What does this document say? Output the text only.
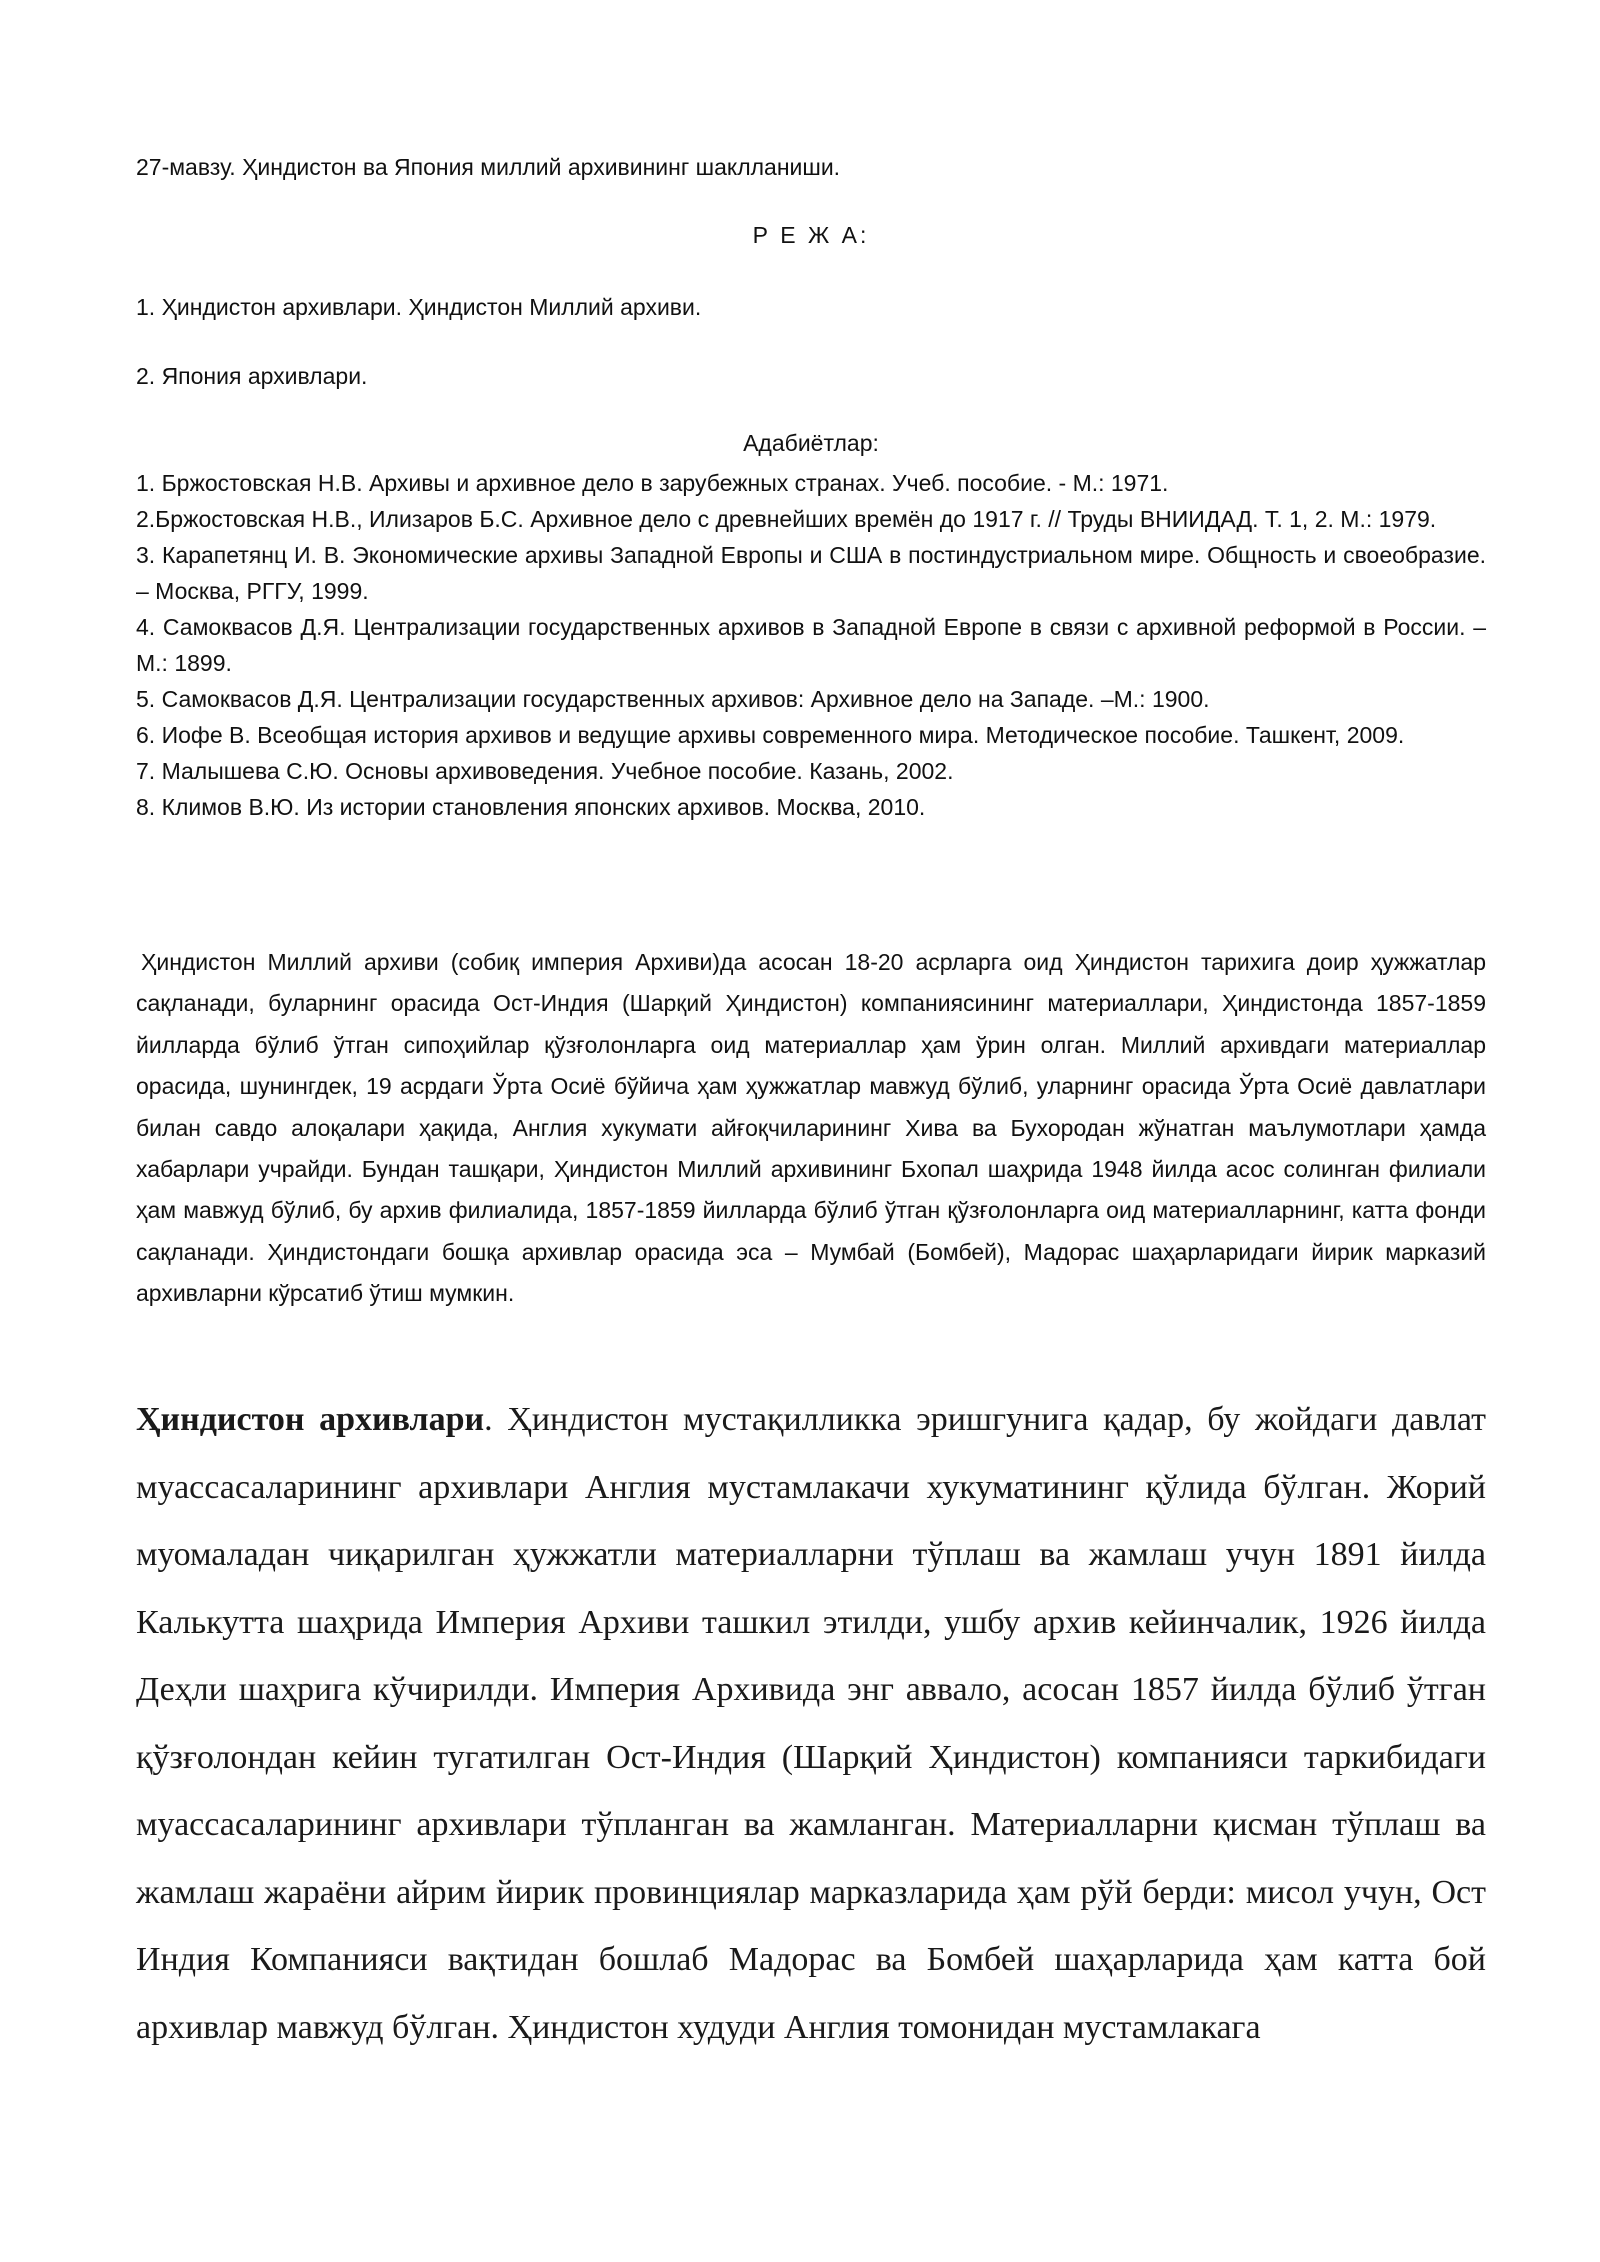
27-мавзу. Ҳиндистон ва Япония миллий архивининг шаклланиши.
Р Е Ж А:
1. Ҳиндистон архивлари. Ҳиндистон Миллий архиви.
2. Япония архивлари.
Адабиётлар:
1. Бржостовская Н.В. Архивы и архивное дело в зарубежных странах. Учеб. пособие. - М.: 1971.
2.Бржостовская Н.В., Илизаров Б.С. Архивное дело с древнейших времён до 1917 г. // Труды ВНИИДАД. Т. 1, 2. М.: 1979.
3. Карапетянц И. В. Экономические архивы Западной Европы и США в постиндустриальном мире. Общность и своеобразие. – Москва, РГГУ, 1999.
4. Самоквасов Д.Я. Централизации государственных архивов в Западной Европе в связи с архивной реформой в России. –М.: 1899.
5. Самоквасов Д.Я. Централизации государственных архивов: Архивное дело на Западе. –М.: 1900.
6. Иофе В. Всеобщая история архивов и ведущие архивы современного мира. Методическое пособие. Ташкент, 2009.
7. Малышева С.Ю. Основы архивоведения. Учебное пособие. Казань, 2002.
8. Климов В.Ю. Из истории становления японских архивов. Москва, 2010.

Ҳиндистон Миллий архиви (собиқ империя Архиви)да асосан 18-20 асрларга оид Ҳиндистон тарихига доир ҳужжатлар сақланади, буларнинг орасида Ост-Индия (Шарқий Ҳиндистон) компаниясининг материаллари, Ҳиндистонда 1857-1859 йилларда бўлиб ўтган сипоҳийлар қўзғолонларга оид материаллар ҳам ўрин олган. Миллий архивдаги материаллар орасида, шунингдек, 19 асрдаги Ўрта Осиё бўйича ҳам ҳужжатлар мавжуд бўлиб, уларнинг орасида Ўрта Осиё давлатлари билан савдо алоқалари ҳақида, Англия хукумати айғоқчиларининг Хива ва Бухородан жўнатган маълумотлари ҳамда хабарлари учрайди. Бундан ташқари, Ҳиндистон Миллий архивининг Бхопал шаҳрида 1948 йилда асос солинган филиали ҳам мавжуд бўлиб, бу архив филиалида, 1857-1859 йилларда бўлиб ўтган қўзғолонларга оид материалларнинг, катта фонди сақланади. Ҳиндистондаги бошқа архивлар орасида эса – Мумбай (Бомбей), Мадорас шаҳарларидаги йирик марказий архивларни кўрсатиб ўтиш мумкин.

Ҳиндистон архивлари. Ҳиндистон мустақилликка эришгунига қадар, бу жойдаги давлат муассасаларининг архивлари Англия мустамлакачи хукуматининг қўлида бўлган. Жорий муомаладан чиқарилган ҳужжатли материалларни тўплаш ва жамлаш учун 1891 йилда Калькутта шаҳрида Империя Архиви ташкил этилди, ушбу архив кейинчалик, 1926 йилда Деҳли шаҳрига кўчирилди. Империя Архивида энг аввало, асосан 1857 йилда бўлиб ўтган қўзғолондан кейин тугатилган Ост-Индия (Шарқий Ҳиндистон) компанияси таркибидаги муассасаларининг архивлари тўпланган ва жамланган. Материалларни қисман тўплаш ва жамлаш жараёни айрим йирик провинциялар марказларида ҳам рўй берди: мисол учун, Ост Индия Компанияси вақтидан бошлаб Мадорас ва Бомбей шаҳарларида ҳам катта бой архивлар мавжуд бўлган. Ҳиндистон худуди Англия томонидан мустамлакага
